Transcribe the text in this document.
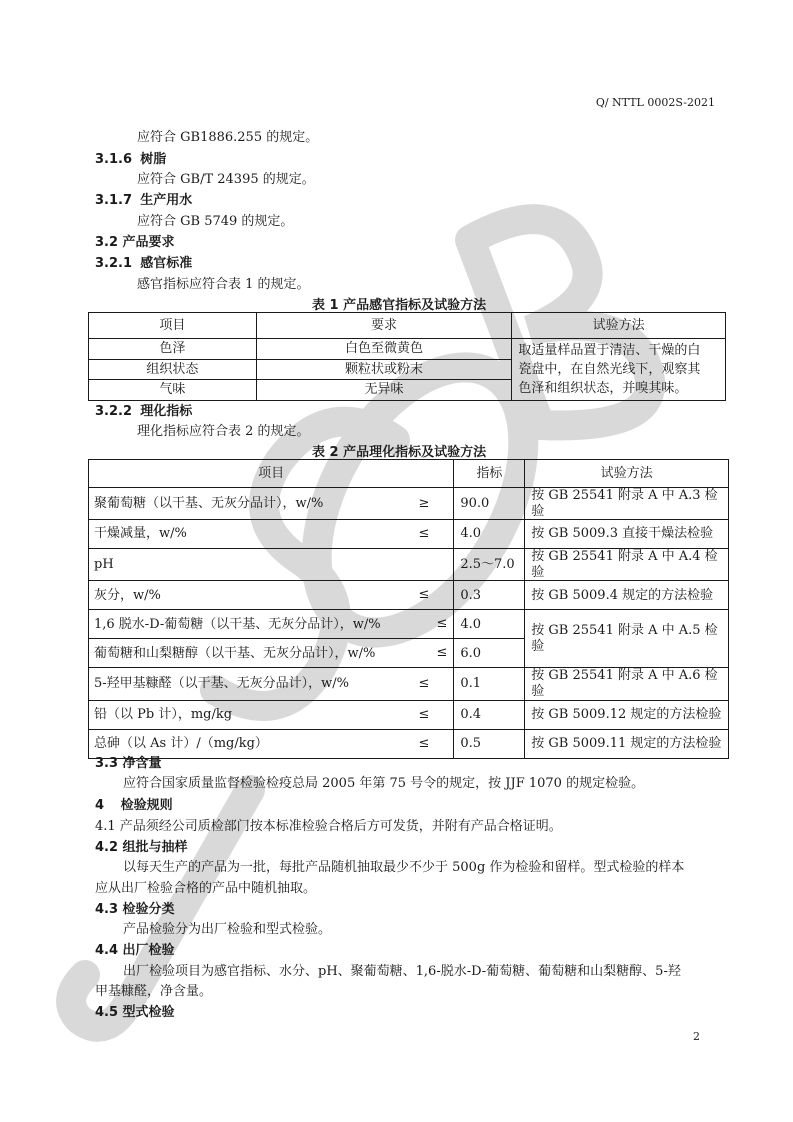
Q/ NTTL 0002S-2021
应符合 GB1886.255 的规定。
3.1.6 树脂
应符合 GB/T 24395 的规定。
3.1.7 生产用水
应符合 GB 5749 的规定。
3.2 产品要求
3.2.1 感官标准
感官指标应符合表 1 的规定。
表 1 产品感官指标及试验方法
项目	要求	试验方法
色泽	白色至微黄色	取适量样品置于清洁、干燥的白
瓷盘中，在自然光线下，观察其
色泽和组织状态，并嗅其味。

组织状态	颗粒状或粉末	
气味	无异味	
3.2.2 理化指标
理化指标应符合表 2 的规定。
表 2 产品理化指标及试验方法
项目	指标	试验方法
聚葡萄糖（以干基、无灰分品计），w/% ≥	90.0	按 GB 25541 附录 A 中 A.3 检验
干燥减量，w/% ≤	4.0	按 GB 5009.3 直接干燥法检验
pH	2.5～7.0	按 GB 25541 附录 A 中 A.4 检验
灰分，w/% ≤	0.3	按 GB 5009.4 规定的方法检验
1,6 脱水-D-葡萄糖（以干基、无灰分品计），w/% ≤	4.0	按 GB 25541 附录 A 中 A.5 检验
葡萄糖和山梨糖醇（以干基、无灰分品计），w/% ≤	6.0	
5-羟甲基糠醛（以干基、无灰分品计），w/% ≤	0.1	按 GB 25541 附录 A 中 A.6 检验
铅（以 Pb 计），mg/kg ≤	0.4	按 GB 5009.12 规定的方法检验
总砷（以 As 计）/（mg/kg） ≤	0.5	按 GB 5009.11 规定的方法检验
3.3 净含量
应符合国家质量监督检验检疫总局 2005 年第 75 号令的规定，按 JJF 1070 的规定检验。
4 检验规则
4.1 产品须经公司质检部门按本标准检验合格后方可发货，并附有产品合格证明。
4.2 组批与抽样
以每天生产的产品为一批，每批产品随机抽取最少不少于 500g 作为检验和留样。型式检验的样本
应从出厂检验合格的产品中随机抽取。
4.3 检验分类
产品检验分为出厂检验和型式检验。
4.4 出厂检验
出厂检验项目为感官指标、水分、pH、聚葡萄糖、1,6-脱水-D-葡萄糖、葡萄糖和山梨糖醇、5-羟
甲基糠醛，净含量。
4.5 型式检验
2
